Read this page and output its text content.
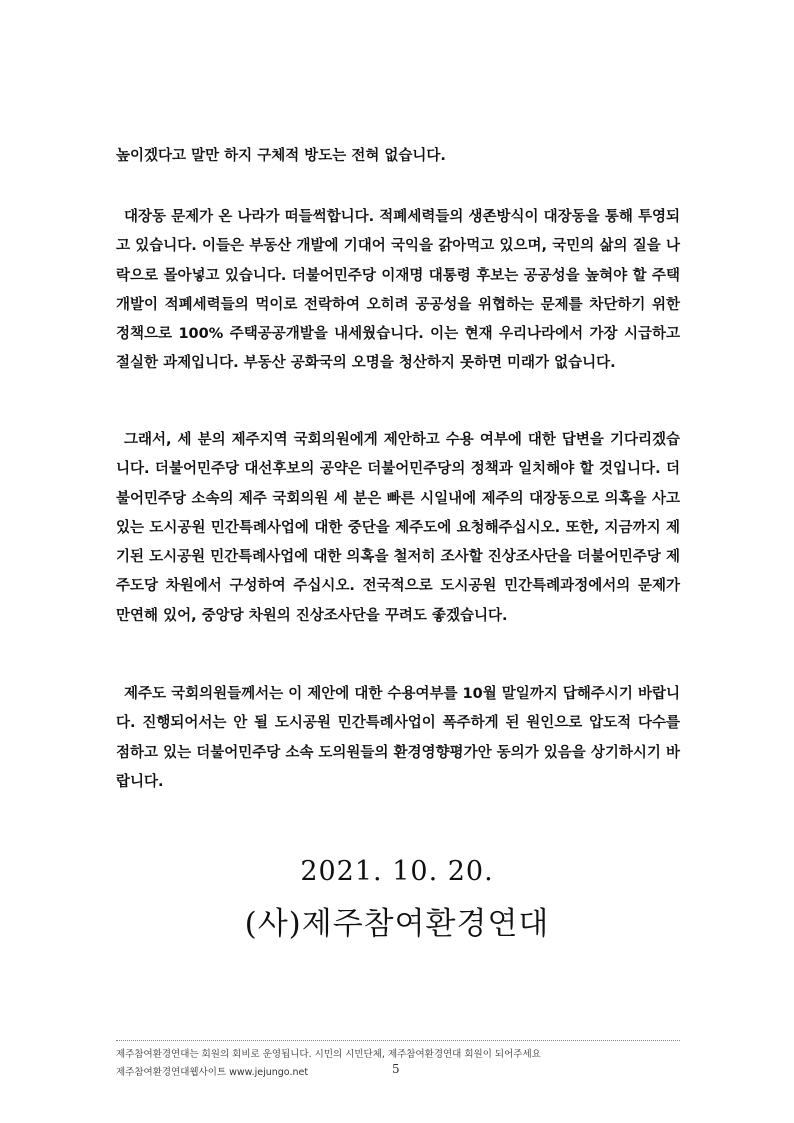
높이겠다고 말만 하지 구체적 방도는 전혀 없습니다.

대장동 문제가 온 나라가 떠들썩합니다. 적폐세력들의 생존방식이 대장동을 통해 투영되고 있습니다. 이들은 부동산 개발에 기대어 국익을 갉아먹고 있으며, 국민의 삶의 질을 나락으로 몰아넣고 있습니다. 더불어민주당 이재명 대통령 후보는 공공성을 높혀야 할 주택개발이 적폐세력들의 먹이로 전락하여 오히려 공공성을 위협하는 문제를 차단하기 위한 정책으로 100% 주택공공개발을 내세웠습니다. 이는 현재 우리나라에서 가장 시급하고 절실한 과제입니다. 부동산 공화국의 오명을 청산하지 못하면 미래가 없습니다.

그래서, 세 분의 제주지역 국회의원에게 제안하고 수용 여부에 대한 답변을 기다리겠습니다. 더불어민주당 대선후보의 공약은 더불어민주당의 정책과 일치해야 할 것입니다. 더불어민주당 소속의 제주 국회의원 세 분은 빠른 시일내에 제주의 대장동으로 의혹을 사고 있는 도시공원 민간특례사업에 대한 중단을 제주도에 요청해주십시오. 또한, 지금까지 제기된 도시공원 민간특례사업에 대한 의혹을 철저히 조사할 진상조사단을 더불어민주당 제주도당 차원에서 구성하여 주십시오. 전국적으로 도시공원 민간특례과정에서의 문제가 만연해 있어, 중앙당 차원의 진상조사단을 꾸려도 좋겠습니다.

제주도 국회의원들께서는 이 제안에 대한 수용여부를 10월 말일까지 답해주시기 바랍니다. 진행되어서는 안 될 도시공원 민간특례사업이 폭주하게 된 원인으로 압도적 다수를 점하고 있는 더불어민주당 소속 도의원들의 환경영향평가안 동의가 있음을 상기하시기 바랍니다.

2021. 10. 20.
(사)제주참여환경연대
제주참여환경연대는 회원의 회비로 운영됩니다. 시민의 시민단체, 제주참여환경연대 회원이 되어주세요
제주참여환경연대웹사이트 www.jejungo.net	5
